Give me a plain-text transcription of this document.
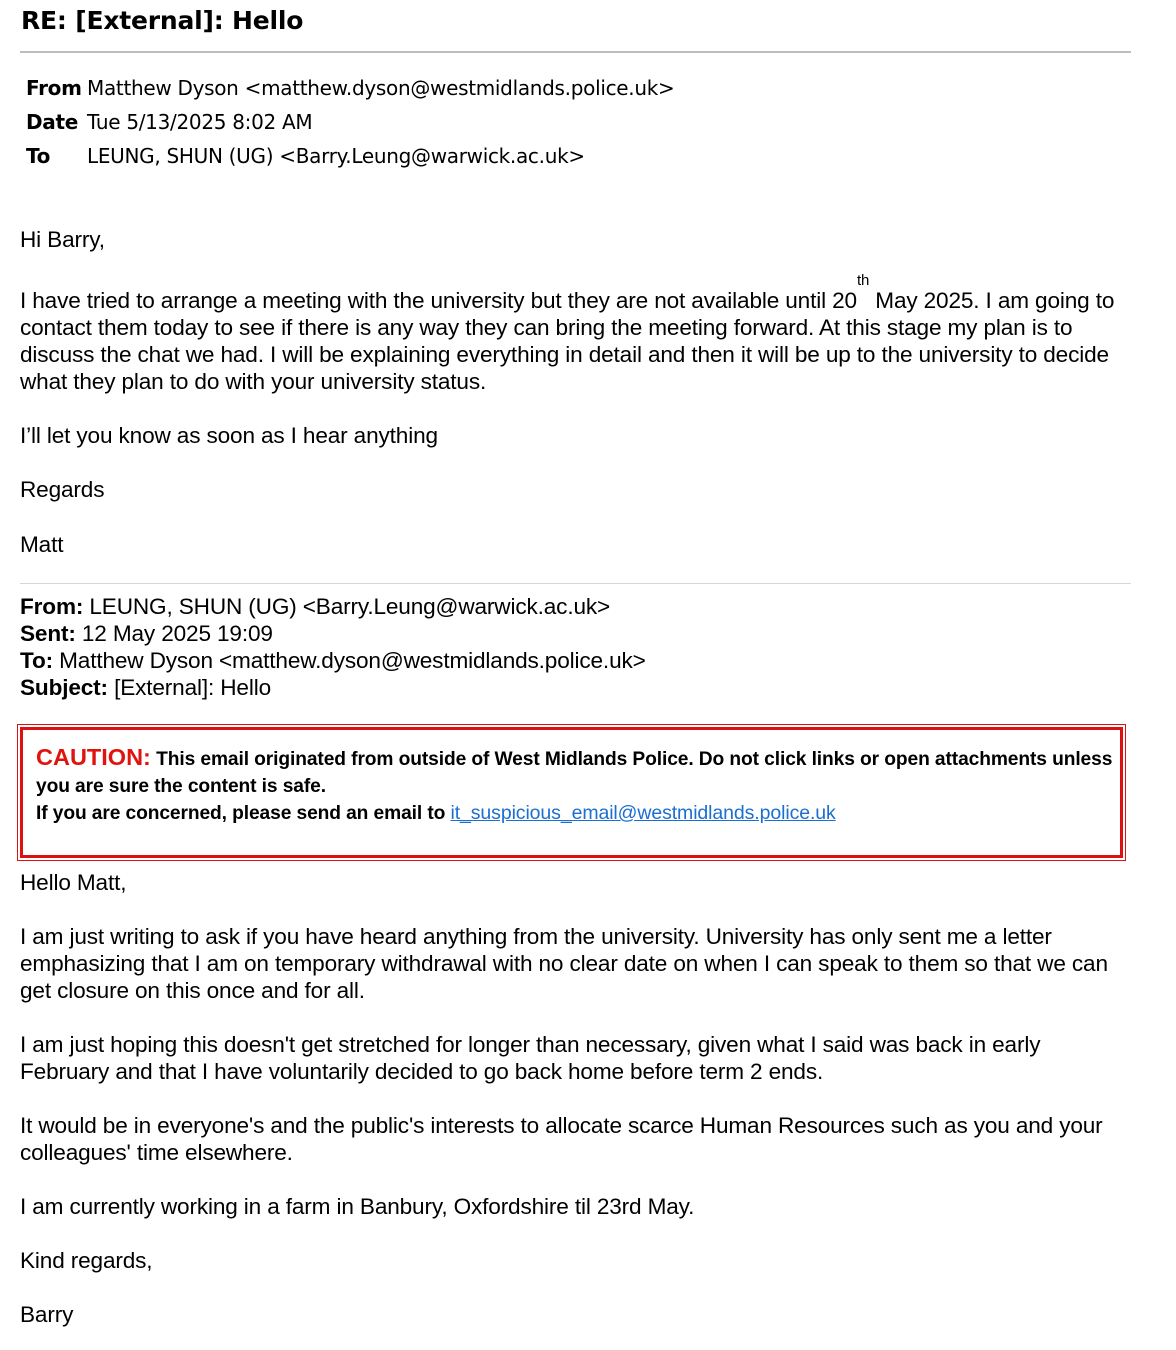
RE: [External]: Hello
From Matthew Dyson <matthew.dyson@westmidlands.police.uk>
Date Tue 5/13/2025 8:02 AM
To LEUNG, SHUN (UG) <Barry.Leung@warwick.ac.uk>

Hi Barry,

I have tried to arrange a meeting with the university but they are not available until 20th May 2025. I am going to contact them today to see if there is any way they can bring the meeting forward. At this stage my plan is to discuss the chat we had. I will be explaining everything in detail and then it will be up to the university to decide what they plan to do with your university status.

I’ll let you know as soon as I hear anything

Regards

Matt

From: LEUNG, SHUN (UG) <Barry.Leung@warwick.ac.uk>

Sent: 12 May 2025 19:09

To: Matthew Dyson <matthew.dyson@westmidlands.police.uk>

Subject: [External]: Hello

CAUTION: This email originated from outside of West Midlands Police. Do not click links or open attachments unless you are sure the content is safe.
If you are concerned, please send an email to it_suspicious_email@westmidlands.police.uk

Hello Matt,

I am just writing to ask if you have heard anything from the university. University has only sent me a letter emphasizing that I am on temporary withdrawal with no clear date on when I can speak to them so that we can get closure on this once and for all.

I am just hoping this doesn't get stretched for longer than necessary, given what I said was back in early February and that I have voluntarily decided to go back home before term 2 ends.

It would be in everyone's and the public's interests to allocate scarce Human Resources such as you and your colleagues' time elsewhere.

I am currently working in a farm in Banbury, Oxfordshire til 23rd May.

Kind regards,

Barry
